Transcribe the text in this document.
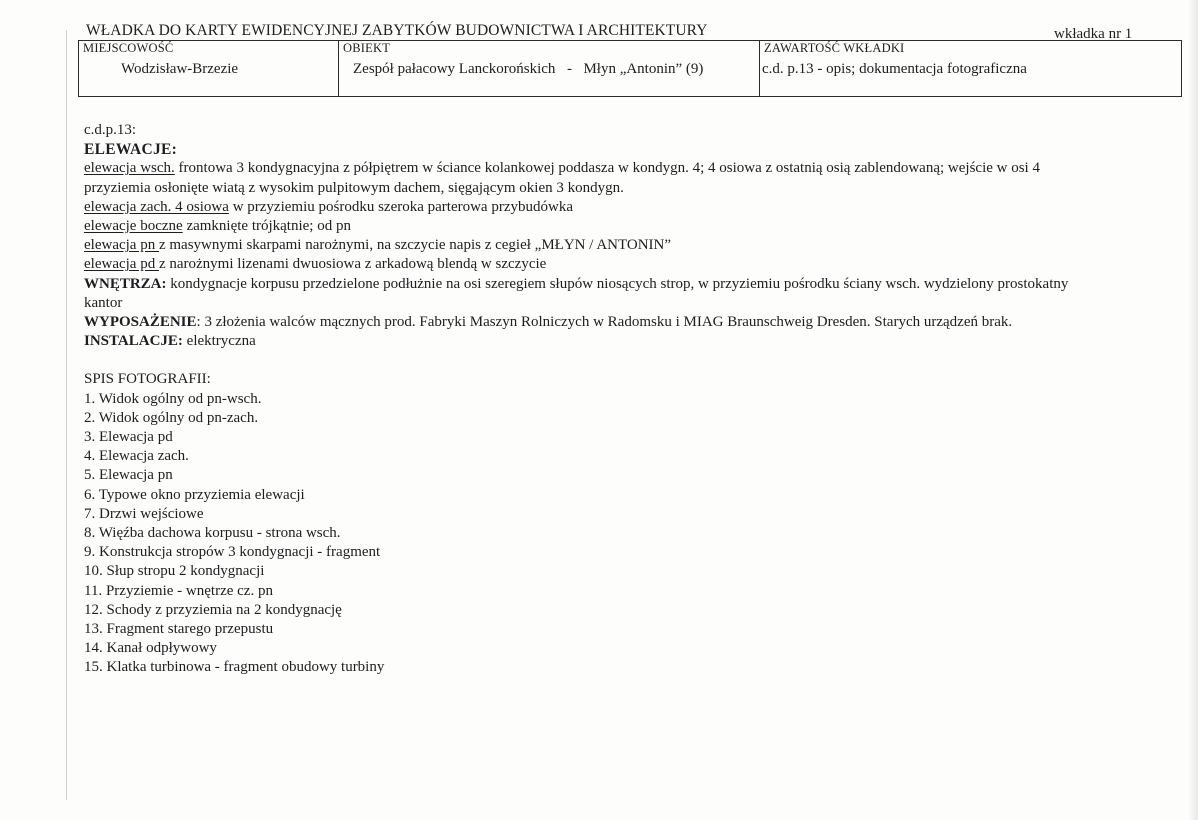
WŁADKA DO KARTY EWIDENCYJNEJ ZABYTKÓW BUDOWNICTWA I ARCHITEKTURY	wkładka nr 1
MIEJSCOWOŚĆ
Wodzisław-Brzezie
OBIEKT
Zespół pałacowy Lanckorońskich - Młyn „Antonin” (9)
ZAWARTOŚĆ WKŁADKI
c.d. p.13 - opis; dokumentacja fotograficzna
c.d.p.13:
ELEWACJE:
elewacja wsch. frontowa 3 kondygnacyjna z półpiętrem w ściance kolankowej poddasza w kondygn. 4; 4 osiowa z ostatnią osią zablendowaną; wejście w osi 4
przyziemia osłonięte wiatą z wysokim pulpitowym dachem, sięgającym okien 3 kondygn.
elewacja zach. 4 osiowa w przyziemiu pośrodku szeroka parterowa przybudówka
elewacje boczne zamknięte trójkątnie; od pn
elewacja pn z masywnymi skarpami narożnymi, na szczycie napis z cegieł „MŁYN / ANTONIN”
elewacja pd z narożnymi lizenami dwuosiowa z arkadową blendą w szczycie
WNĘTRZA: kondygnacje korpusu przedzielone podłużnie na osi szeregiem słupów niosących strop, w przyziemiu pośrodku ściany wsch. wydzielony prostokatny
kantor
WYPOSAŻENIE: 3 złożenia walców mącznych prod. Fabryki Maszyn Rolniczych w Radomsku i MIAG Braunschweig Dresden. Starych urządzeń brak.
INSTALACJE: elektryczna
SPIS FOTOGRAFII:
1. Widok ogólny od pn-wsch.
2. Widok ogólny od pn-zach.
3. Elewacja pd
4. Elewacja zach.
5. Elewacja pn
6. Typowe okno przyziemia elewacji
7. Drzwi wejściowe
8. Więźba dachowa korpusu - strona wsch.
9. Konstrukcja stropów 3 kondygnacji - fragment
10. Słup stropu 2 kondygnacji
11. Przyziemie - wnętrze cz. pn
12. Schody z przyziemia na 2 kondygnację
13. Fragment starego przepustu
14. Kanał odpływowy
15. Klatka turbinowa - fragment obudowy turbiny
